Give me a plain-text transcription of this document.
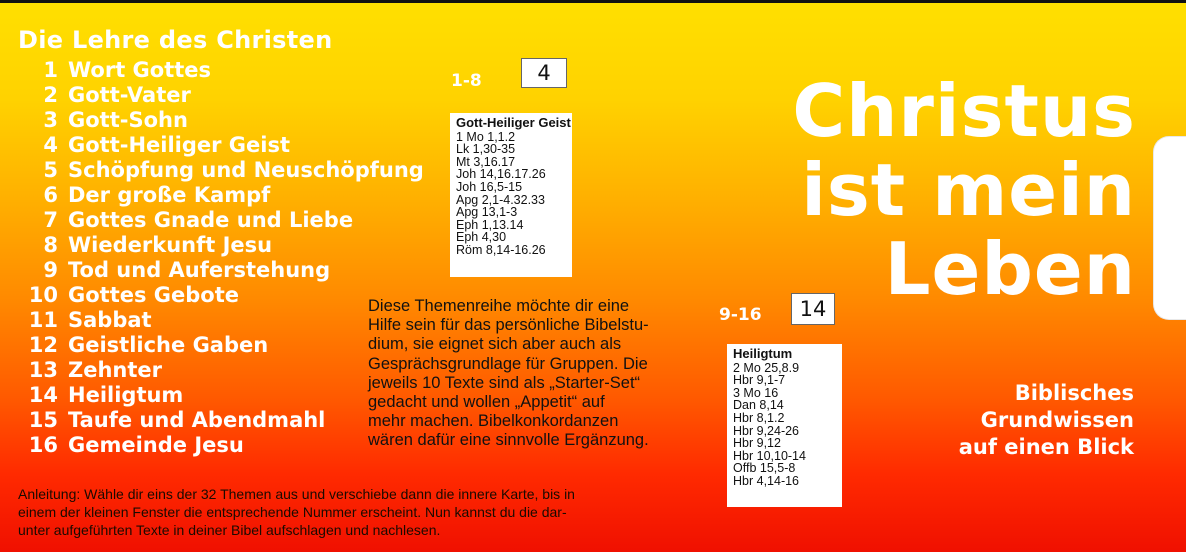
Die Lehre des Christen
1 Wort Gottes
2 Gott-Vater
3 Gott-Sohn
4 Gott-Heiliger Geist
5 Schöpfung und Neuschöpfung
6 Der große Kampf
7 Gottes Gnade und Liebe
8 Wiederkunft Jesu
9 Tod und Auferstehung
10 Gottes Gebote
11 Sabbat
12 Geistliche Gaben
13 Zehnter
14 Heiligtum
15 Taufe und Abendmahl
16 Gemeinde Jesu
1-8	4
Gott-Heiliger Geist
1 Mo 1,1.2
Lk 1,30-35
Mt 3,16.17
Joh 14,16.17.26
Joh 16,5-15
Apg 2,1-4.32.33
Apg 13,1-3
Eph 1,13.14
Eph 4,30
Röm 8,14-16.26

Diese Themenreihe möchte dir eine

Hilfe sein für das persönliche Bibelstu-

dium, sie eignet sich aber auch als

Gesprächsgrundlage für Gruppen. Die

jeweils 10 Texte sind als „Starter-Set“

gedacht und wollen „Appetit“ auf

mehr machen. Bibelkonkordanzen

wären dafür eine sinnvolle Ergänzung.

9-16	14
Heiligtum
2 Mo 25,8.9
Hbr 9,1-7
3 Mo 16
Dan 8,14
Hbr 8,1.2
Hbr 9,24-26
Hbr 9,12
Hbr 10,10-14
Offb 15,5-8
Hbr 4,14-16

Anleitung: Wähle dir eins der 32 Themen aus und verschiebe dann die innere Karte, bis in

einem der kleinen Fenster die entsprechende Nummer erscheint. Nun kannst du die dar-

unter aufgeführten Texte in deiner Bibel aufschlagen und nachlesen.

Christus
ist mein
Leben
Biblisches
Grundwissen
auf einen Blick
